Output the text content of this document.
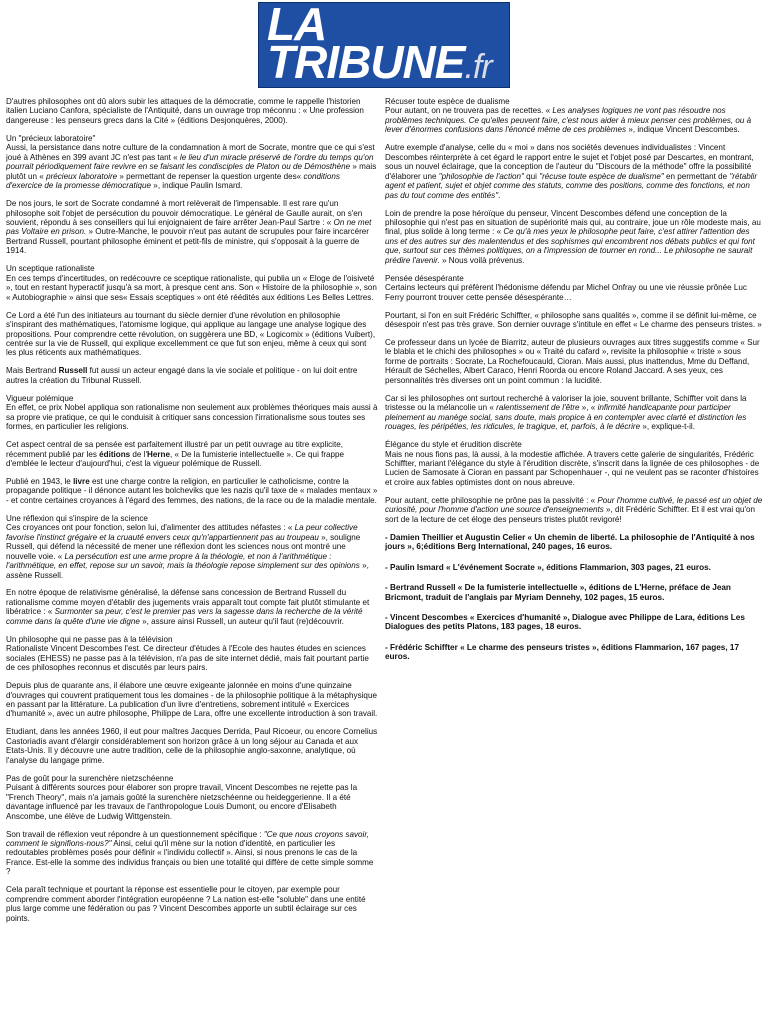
LA
TRIBUNE.fr

D'autres philosophes ont dû alors subir les attaques de la démocratie, comme le rappelle l'historien italien Luciano Canfora, spécialiste de l'Antiquité, dans un ouvrage trop méconnu : « Une profession dangereuse : les penseurs grecs dans la Cité » (éditions Desjonquères, 2000).

Un "précieux laboratoire"
Aussi, la persistance dans notre culture de la condamnation à mort de Socrate, montre que ce qui s'est joué à Athènes en 399 avant JC n'est pas tant « le lieu d'un miracle préservé de l'ordre du temps qu'on pourrait périodiquement faire revivre en se faisant les condisciples de Platon ou de Démosthène » mais plutôt un « précieux laboratoire » permettant de repenser la question urgente des« conditions d'exercice de la promesse démocratique », indique Paulin Ismard.

De nos jours, le sort de Socrate condamné à mort relèverait de l'impensable. Il est rare qu'un philosophe soit l'objet de persécution du pouvoir démocratique. Le général de Gaulle aurait, on s'en souvient, répondu à ses conseillers qui lui enjoignaient de faire arrêter Jean-Paul Sartre : « On ne met pas Voltaire en prison. » Outre-Manche, le pouvoir n'eut pas autant de scrupules pour faire incarcérer Bertrand Russell, pourtant philosophe éminent et petit-fils de ministre, qui s'opposait à la guerre de 1914.

Un sceptique rationaliste
En ces temps d'incertitudes, on redécouvre ce sceptique rationaliste, qui publia un « Eloge de l'oisiveté », tout en restant hyperactif jusqu'à sa mort, à presque cent ans. Son « Histoire de la philosophie », son « Autobiographie » ainsi que ses« Essais sceptiques » ont été réédités aux éditions Les Belles Lettres.

Ce Lord a été l'un des initiateurs au tournant du siècle dernier d'une révolution en philosophie s'inspirant des mathématiques, l'atomisme logique, qui applique au langage une analyse logique des propositions. Pour comprendre cette révolution, on suggèrera une BD, « Logicomix » (éditions Vuibert), centrée sur la vie de Russell, qui explique excellemment ce que fut son enjeu, même à ceux qui sont les plus réticents aux mathématiques.

Mais Bertrand Russell fut aussi un acteur engagé dans la vie sociale et politique - on lui doit entre autres la création du Tribunal Russell.

Vigueur polémique
En effet, ce prix Nobel appliqua son rationalisme non seulement aux problèmes théoriques mais aussi à sa propre vie pratique, ce qui le conduisit à critiquer sans concession l'irrationalisme sous toutes ses formes, en particulier les religions.

Cet aspect central de sa pensée est parfaitement illustré par un petit ouvrage au titre explicite, récemment publié par les éditions de l'Herne, « De la fumisterie intellectuelle ». Ce qui frappe d'emblée le lecteur d'aujourd'hui, c'est la vigueur polémique de Russell.

Publié en 1943, le livre est une charge contre la religion, en particulier le catholicisme, contre la propagande politique - il dénonce autant les bolcheviks que les nazis qu'il taxe de « malades mentaux » - et contre certaines croyances à l'égard des femmes, des nations, de la race ou de la maladie mentale.

Une réflexion qui s'inspire de la science
Ces croyances ont pour fonction, selon lui, d'alimenter des attitudes néfastes : « La peur collective favorise l'instinct grégaire et la cruauté envers ceux qu'n'appartiennent pas au troupeau », souligne Russell, qui défend la nécessité de mener une réflexion dont les sciences nous ont montré une nouvelle voie. « La persécution est une arme propre à la théologie, et non à l'arithmétique : l'arithmétique, en effet, repose sur un savoir, mais la théologie repose simplement sur des opinions », assène Russell.

En notre époque de relativisme généralisé, la défense sans concession de Bertrand Russell du rationalisme comme moyen d'établir des jugements vrais apparaît tout compte fait plutôt stimulante et libératrice : « Surmonter sa peur, c'est le premier pas vers la sagesse dans la recherche de la vérité comme dans la quête d'une vie digne », assure ainsi Russell, un auteur qu'il faut (re)découvrir.

Un philosophe qui ne passe pas à la télévision
Rationaliste Vincent Descombes l'est. Ce directeur d'études à l'Ecole des hautes études en sciences sociales (EHESS) ne passe pas à la télévision, n'a pas de site internet dédié, mais fait pourtant partie de ces philosophes reconnus et discutés par leurs pairs.

Depuis plus de quarante ans, il élabore une œuvre exigeante jalonnée en moins d'une quinzaine d'ouvrages qui couvrent pratiquement tous les domaines - de la philosophie politique à la métaphysique en passant par la littérature. La publication d'un livre d'entretiens, sobrement intitulé « Exercices d'humanité », avec un autre philosophe, Philippe de Lara, offre une excellente introduction à son travail.

Etudiant, dans les années 1960, il eut pour maîtres Jacques Derrida, Paul Ricoeur, ou encore Cornelius Castoriadis avant d'élargir considérablement son horizon grâce à un long séjour au Canada et aux Etats-Unis. Il y découvre une autre tradition, celle de la philosophie anglo-saxonne, analytique, où l'analyse du langage prime.

Pas de goût pour la surenchère nietzschéenne
Puisant à différents sources pour élaborer son propre travail, Vincent Descombes ne rejette pas la "French Theory", mais n'a jamais goûté la surenchère nietzschéenne ou heideggerienne. Il a été davantage influencé par les travaux de l'anthropologue Louis Dumont, ou encore d'Elisabeth Anscombe, une élève de Ludwig Wittgenstein.

Son travail de réflexion veut répondre à un questionnement spécifique : "Ce que nous croyons savoir, comment le signifions-nous?" Ainsi, celui qu'il mène sur la notion d'identité, en particulier les redoutables problèmes posés pour définir « l'individu collectif ». Ainsi, si nous prenons le cas de la France. Est-elle la somme des individus français ou bien une totalité qui diffère de cette simple somme ?

Cela paraît technique et pourtant la réponse est essentielle pour le citoyen, par exemple pour comprendre comment aborder l'intégration européenne ? La nation est-elle "soluble" dans une entité plus large comme une fédération ou pas ? Vincent Descombes apporte un subtil éclairage sur ces points.

Récuser toute espèce de dualisme
Pour autant, on ne trouvera pas de recettes. « Les analyses logiques ne vont pas résoudre nos problèmes techniques. Ce qu'elles peuvent faire, c'est nous aider à mieux penser ces problèmes, ou à lever d'énormes confusions dans l'énoncé même de ces problèmes », indique Vincent Descombes.

Autre exemple d'analyse, celle du « moi » dans nos sociétés devenues individualistes : Vincent Descombes réinterprète à cet égard le rapport entre le sujet et l'objet posé par Descartes, en montrant, sous un nouvel éclairage, que la conception de l'auteur du "Discours de la méthode" offre la possibilité d'élaborer une "philosophie de l'action" qui "récuse toute espèce de dualisme" en permettant de "rétablir agent et patient, sujet et objet comme des statuts, comme des positions, comme des fonctions, et non pas du tout comme des entités".

Loin de prendre la pose héroïque du penseur, Vincent Descombes défend une conception de la philosophie qui n'est pas en situation de supériorité mais qui, au contraire, joue un rôle modeste mais, au final, plus solide à long terme : « Ce qu'à mes yeux le philosophe peut faire, c'est attirer l'attention des uns et des autres sur des malentendus et des sophismes qui encombrent nos débats publics et qui font que, surtout sur ces thèmes politiques, on a l'impression de tourner en rond... Le philosophe ne saurait prédire l'avenir. » Nous voilà prévenus.

Pensée désespérante
Certains lecteurs qui préfèrent l'hédonisme défendu par Michel Onfray ou une vie réussie prônée Luc Ferry pourront trouver cette pensée désespérante…

Pourtant, si l'on en suit Frédéric Schiffter, « philosophe sans qualités », comme il se définit lui-même, ce désespoir n'est pas très grave. Son dernier ouvrage s'intitule en effet « Le charme des penseurs tristes. »

Ce professeur dans un lycée de Biarritz, auteur de plusieurs ouvrages aux titres suggestifs comme « Sur le blabla et le chichi des philosophes » ou « Traité du cafard », revisite la philosophie « triste » sous forme de portraits : Socrate, La Rochefoucauld, Cioran. Mais aussi, plus inattendus, Mme du Deffand, Hérault de Séchelles, Albert Caraco, Henri Roorda ou encore Roland Jaccard. A ses yeux, ces personnalités très diverses ont un point commun : la lucidité.

Car si les philosophes ont surtout recherché à valoriser la joie, souvent brillante, Schiffter voit dans la tristesse ou la mélancolie un « ralentissement de l'être », « infirmité handicapante pour participer pleinement au manège social, sans doute, mais propice à en contempler avec clarté et distinction les rouages, les péripéties, les ridicules, le tragique, et, parfois, à le décrire », explique-t-il.

Élégance du style et érudition discrète
Mais ne nous fions pas, là aussi, à la modestie affichée. A travers cette galerie de singularités, Frédéric Schiffter, mariant l'élégance du style à l'érudition discrète, s'inscrit dans la lignée de ces philosophes - de Lucien de Samosate à Cioran en passant par Schopenhauer -, qui ne veulent pas se raconter d'histoires et croire aux fables optimistes dont on nous abreuve.

Pour autant, cette philosophie ne prône pas la passivité : « Pour l'homme cultivé, le passé est un objet de curiosité, pour l'homme d'action une source d'enseignements », dit Frédéric Schiffter. Et il est vrai qu'on sort de la lecture de cet éloge des penseurs tristes plutôt revigoré!

- Damien Theillier et Augustin Celier « Un chemin de liberté. La philosophie de l'Antiquité à nos jours », 6;éditions Berg International, 240 pages, 16 euros.

- Paulin Ismard « L'événement Socrate », éditions Flammarion, 303 pages, 21 euros.

- Bertrand Russell « De la fumisterie intellectuelle », éditions de L'Herne, préface de Jean Bricmont, traduit de l'anglais par Myriam Dennehy, 102 pages, 15 euros.

- Vincent Descombes « Exercices d'humanité », Dialogue avec Philippe de Lara, éditions Les Dialogues des petits Platons, 183 pages, 18 euros.

- Frédéric Schiffter « Le charme des penseurs tristes », éditions Flammarion, 167 pages, 17 euros.
